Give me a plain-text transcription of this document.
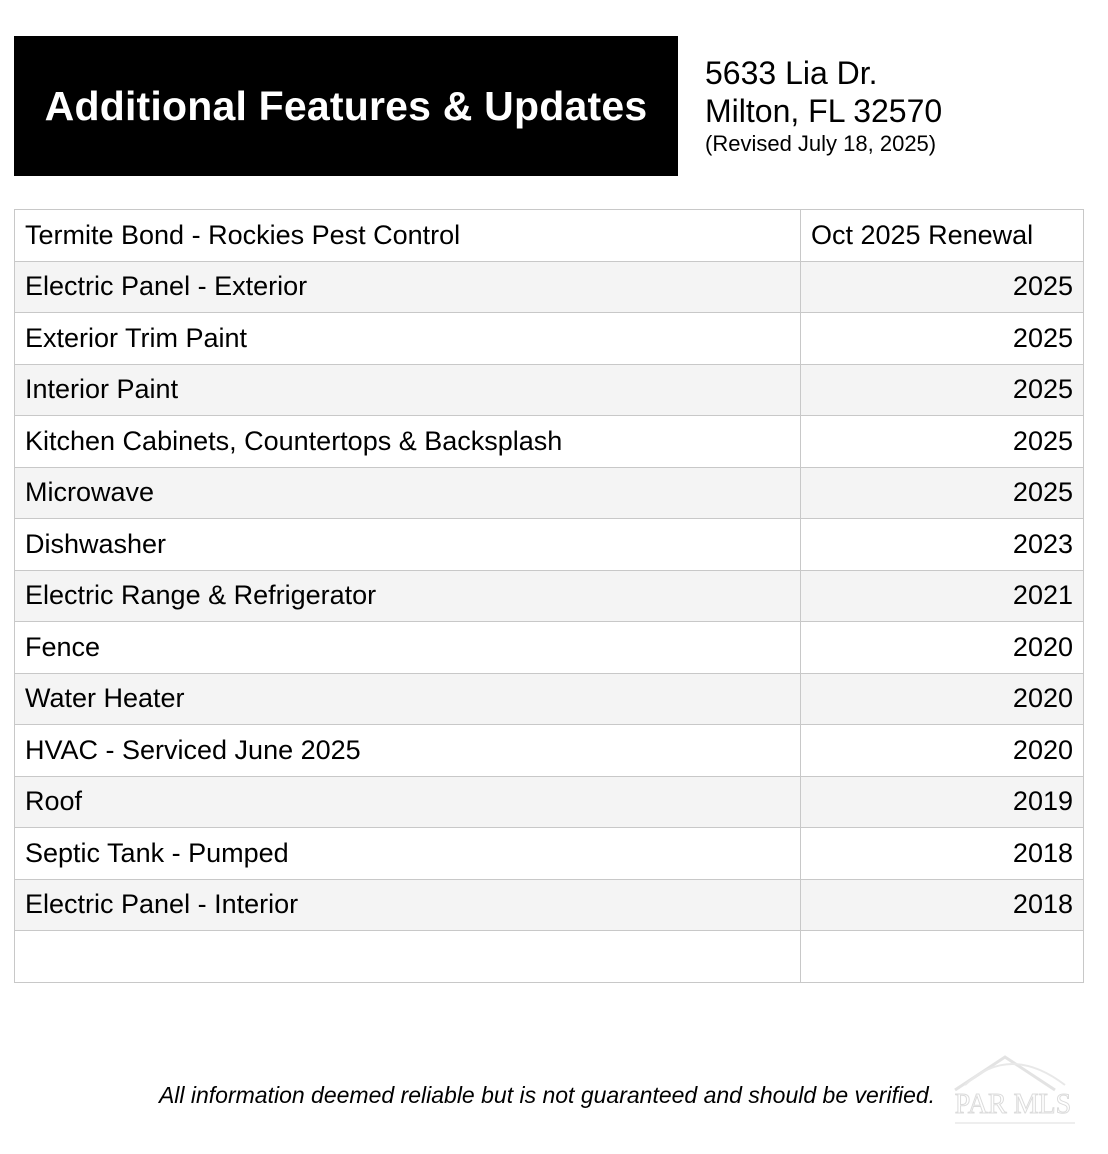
Additional Features & Updates
5633 Lia Dr.
Milton, FL 32570
(Revised July 18, 2025)
Termite Bond - Rockies Pest Control	Oct 2025 Renewal
Electric Panel - Exterior	2025
Exterior Trim Paint	2025
Interior Paint	2025
Kitchen Cabinets, Countertops & Backsplash	2025
Microwave	2025
Dishwasher	2023
Electric Range & Refrigerator	2021
Fence	2020
Water Heater	2020
HVAC - Serviced June 2025	2020
Roof	2019
Septic Tank - Pumped	2018
Electric Panel - Interior	2018

All information deemed reliable but is not guaranteed and should be verified. PAR MLS
